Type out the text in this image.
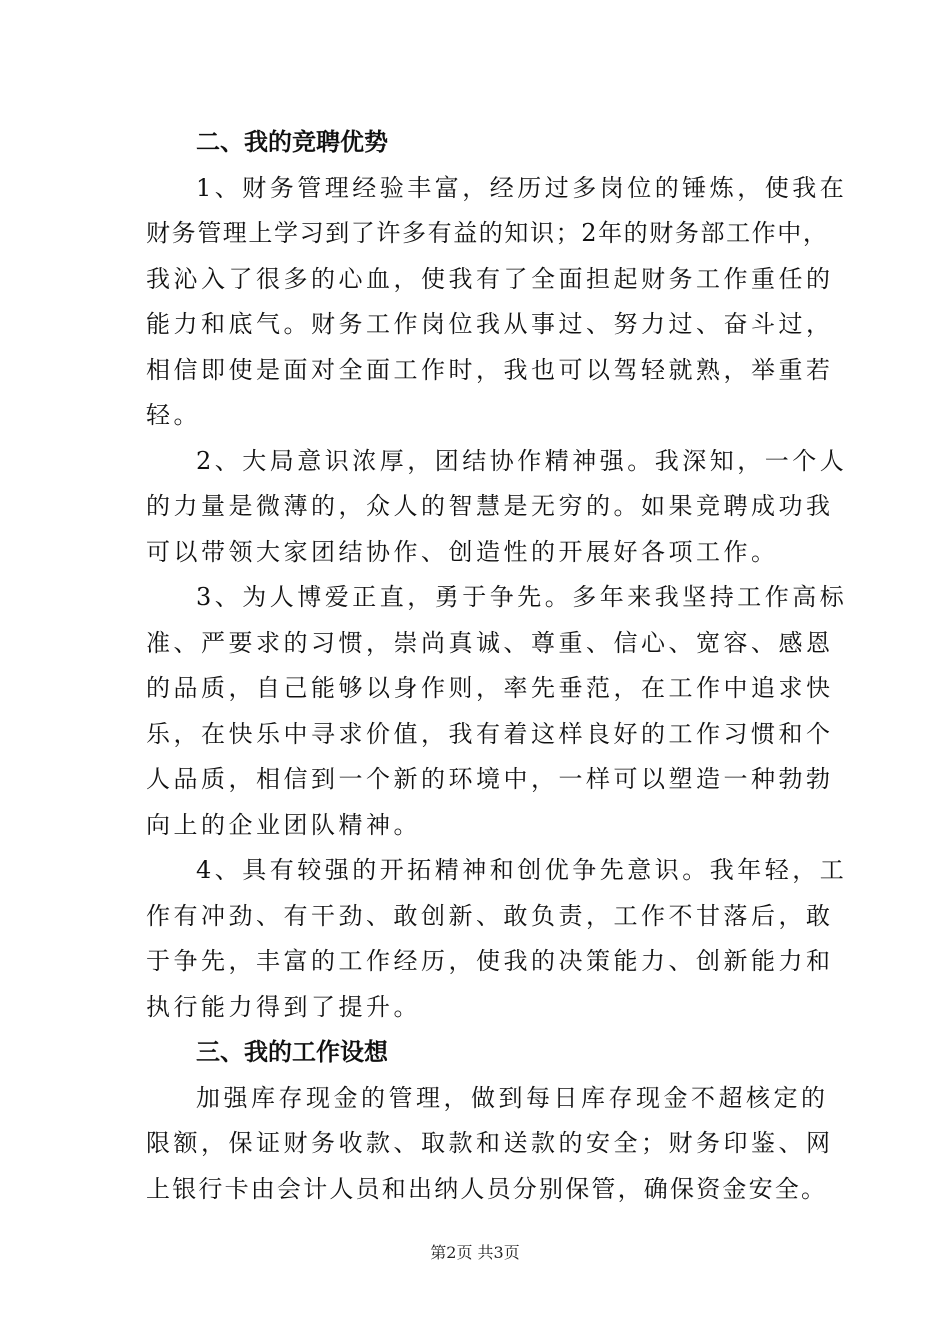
二、我的竞聘优势

1、财务管理经验丰富，经历过多岗位的锤炼，使我在
财务管理上学习到了许多有益的知识；2年的财务部工作中，
我沁入了很多的心血，使我有了全面担起财务工作重任的
能力和底气。财务工作岗位我从事过、努力过、奋斗过，
相信即使是面对全面工作时，我也可以驾轻就熟，举重若
轻。

2、大局意识浓厚，团结协作精神强。我深知，一个人
的力量是微薄的，众人的智慧是无穷的。如果竞聘成功我
可以带领大家团结协作、创造性的开展好各项工作。

3、为人博爱正直，勇于争先。多年来我坚持工作高标
准、严要求的习惯，崇尚真诚、尊重、信心、宽容、感恩
的品质，自己能够以身作则，率先垂范，在工作中追求快
乐，在快乐中寻求价值，我有着这样良好的工作习惯和个
人品质，相信到一个新的环境中，一样可以塑造一种勃勃
向上的企业团队精神。

4、具有较强的开拓精神和创优争先意识。我年轻，工
作有冲劲、有干劲、敢创新、敢负责，工作不甘落后，敢
于争先，丰富的工作经历，使我的决策能力、创新能力和
执行能力得到了提升。

三、我的工作设想

加强库存现金的管理，做到每日库存现金不超核定的
限额，保证财务收款、取款和送款的安全；财务印鉴、网
上银行卡由会计人员和出纳人员分别保管，确保资金安全。

第2页 共3页
